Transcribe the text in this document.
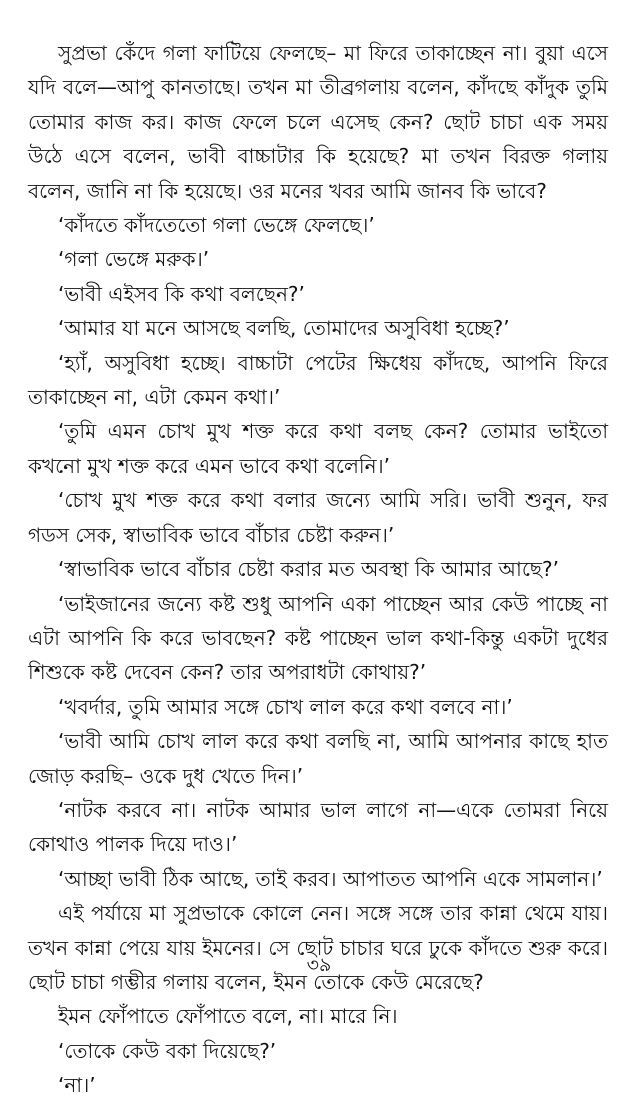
সুপ্রভা কেঁদে গলা ফাটিয়ে ফেলছে– মা ফিরে তাকাচ্ছেন না। বুয়া এসে যদি বলে—আপু কানতাছে। তখন মা তীব্রগলায় বলেন, কাঁদছে কাঁদুক তুমি তোমার কাজ কর। কাজ ফেলে চলে এসেছ কেন? ছোট চাচা এক সময় উঠে এসে বলেন, ভাবী বাচ্চাটার কি হয়েছে? মা তখন বিরক্ত গলায় বলেন, জানি না কি হয়েছে। ওর মনের খবর আমি জানব কি ভাবে?

‘কাঁদতে কাঁদতেতো গলা ভেঙ্গে ফেলছে।’

‘গলা ভেঙ্গে মরুক।’

‘ভাবী এইসব কি কথা বলছেন?’

‘আমার যা মনে আসছে বলছি, তোমাদের অসুবিধা হচ্ছে?’

‘হ্যাঁ, অসুবিধা হচ্ছে। বাচ্চাটা পেটের ক্ষিধেয় কাঁদছে, আপনি ফিরে তাকাচ্ছেন না, এটা কেমন কথা।’

‘তুমি এমন চোখ মুখ শক্ত করে কথা বলছ কেন? তোমার ভাইতো কখনো মুখ শক্ত করে এমন ভাবে কথা বলেনি।’

‘চোখ মুখ শক্ত করে কথা বলার জন্যে আমি সরি। ভাবী শুনুন, ফর গডস সেক, স্বাভাবিক ভাবে বাঁচার চেষ্টা করুন।’

‘স্বাভাবিক ভাবে বাঁচার চেষ্টা করার মত অবস্থা কি আমার আছে?’

‘ভাইজানের জন্যে কষ্ট শুধু আপনি একা পাচ্ছেন আর কেউ পাচ্ছে না এটা আপনি কি করে ভাবছেন? কষ্ট পাচ্ছেন ভাল কথা-কিন্তু একটা দুধের শিশুকে কষ্ট দেবেন কেন? তার অপরাধটা কোথায়?’

‘খবর্দার, তুমি আমার সঙ্গে চোখ লাল করে কথা বলবে না।’

‘ভাবী আমি চোখ লাল করে কথা বলছি না, আমি আপনার কাছে হাত জোড় করছি– ওকে দুধ খেতে দিন।’

‘নাটক করবে না। নাটক আমার ভাল লাগে না—একে তোমরা নিয়ে কোথাও পালক দিয়ে দাও।’

‘আচ্ছা ভাবী ঠিক আছে, তাই করব। আপাতত আপনি একে সামলান।’

এই পর্যায়ে মা সুপ্রভাকে কোলে নেন। সঙ্গে সঙ্গে তার কান্না থেমে যায়। তখন কান্না পেয়ে যায় ইমনের। সে ছোট চাচার ঘরে ঢুকে কাঁদতে শুরু করে। ছোট চাচা গম্ভীর গলায় বলেন, ইমন তোকে কেউ মেরেছে?

ইমন ফোঁপাতে ফোঁপাতে বলে, না। মারে নি।

‘তোকে কেউ বকা দিয়েছে?’

‘না।’

৩৯
